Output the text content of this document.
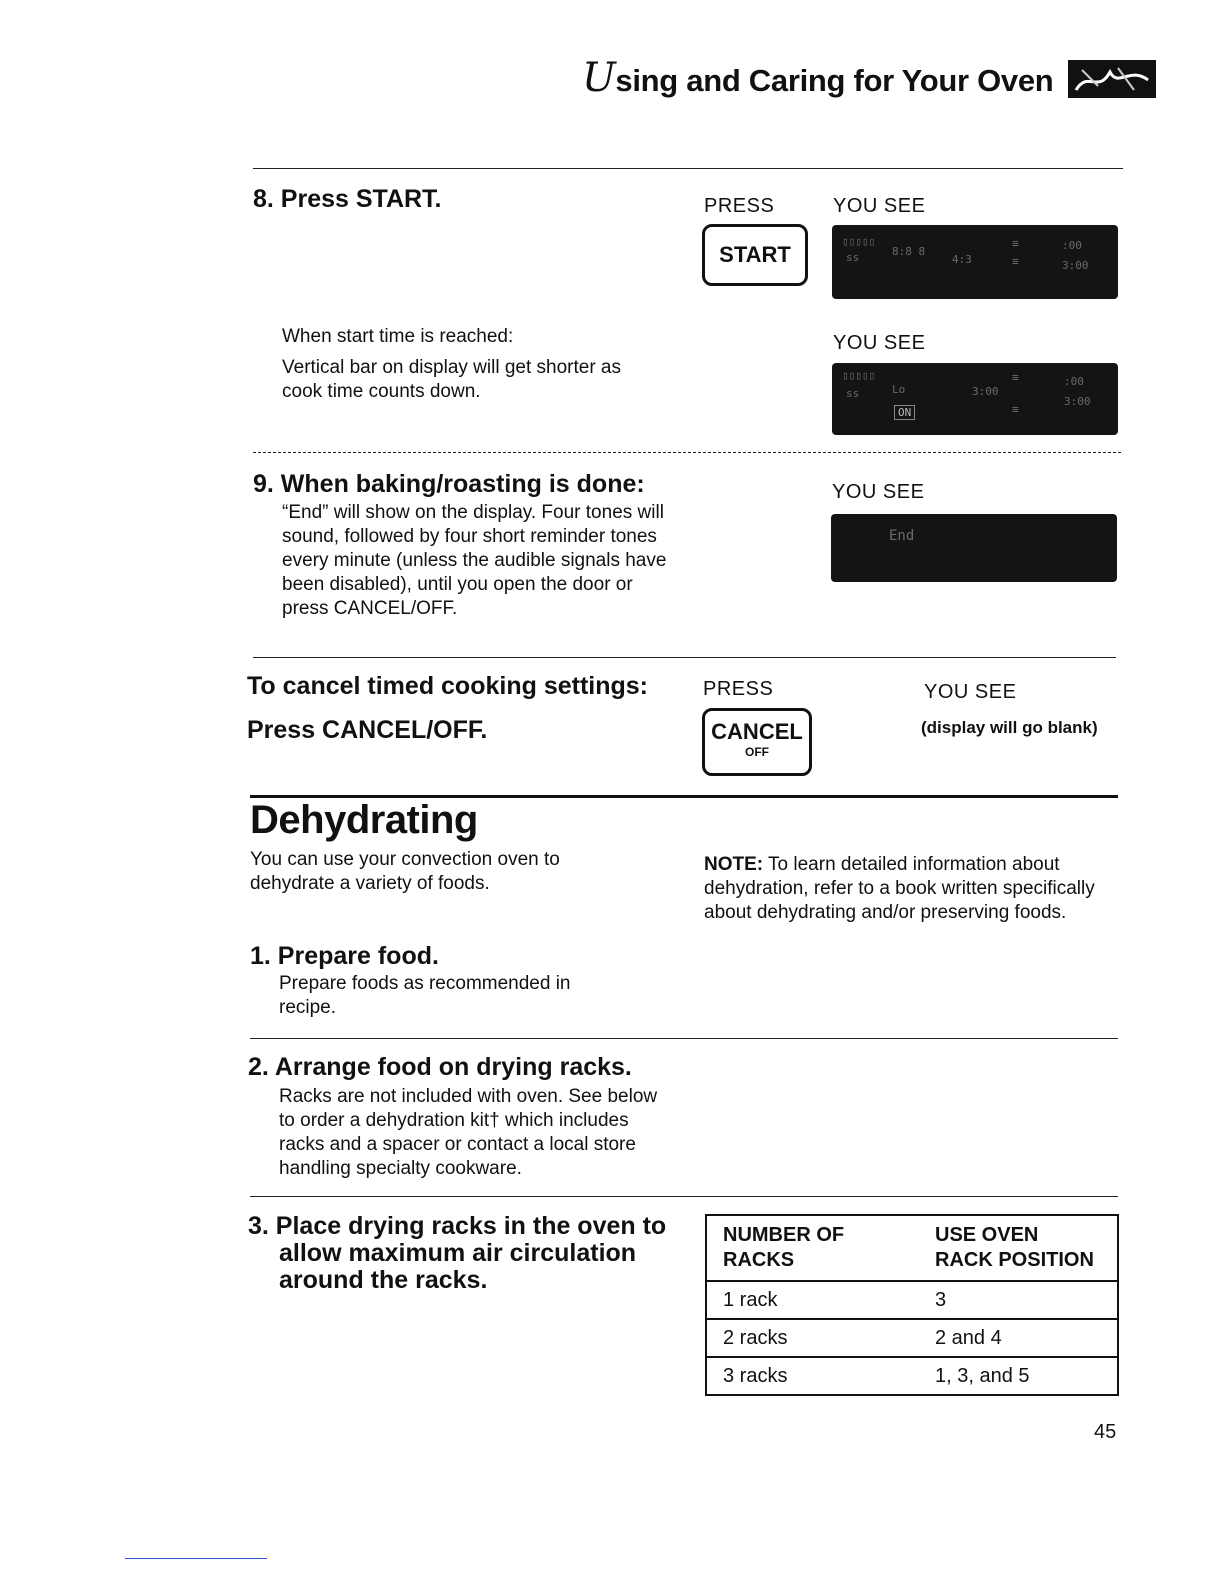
Using and Caring for Your Oven
8. Press START.	PRESS	YOU SEE
START
▯▯▯▯▯
ss	8:8 8
4:3
≡
≡
:00
3:00
When start time is reached:
Vertical bar on display will get shorter as cook time counts down.
YOU SEE
▯▯▯▯▯
ss	Lo	3:00
≡
≡
:00
3:00
ON
9. When baking/roasting is done:
“End” will show on the display. Four tones will sound, followed by four short reminder tones every minute (unless the audible signals have been disabled), until you open the door or press CANCEL/OFF.
YOU SEE
End
To cancel timed cooking settings:
Press CANCEL/OFF.
PRESS	YOU SEE
CANCEL
OFF
(display will go blank)
Dehydrating
You can use your convection oven to dehydrate a variety of foods.
NOTE: To learn detailed information about dehydration, refer to a book written specifically about dehydrating and/or preserving foods.
1. Prepare food.
Prepare foods as recommended in recipe.
2. Arrange food on drying racks.
Racks are not included with oven. See below to order a dehydration kit† which includes racks and a spacer or contact a local store handling specialty cookware.
3. Place drying racks in the oven to allow maximum air circulation around the racks.
NUMBER OF RACKS	USE OVEN RACK POSITION
1 rack	3
2 racks	2 and 4
3 racks	1, 3, and 5
45
